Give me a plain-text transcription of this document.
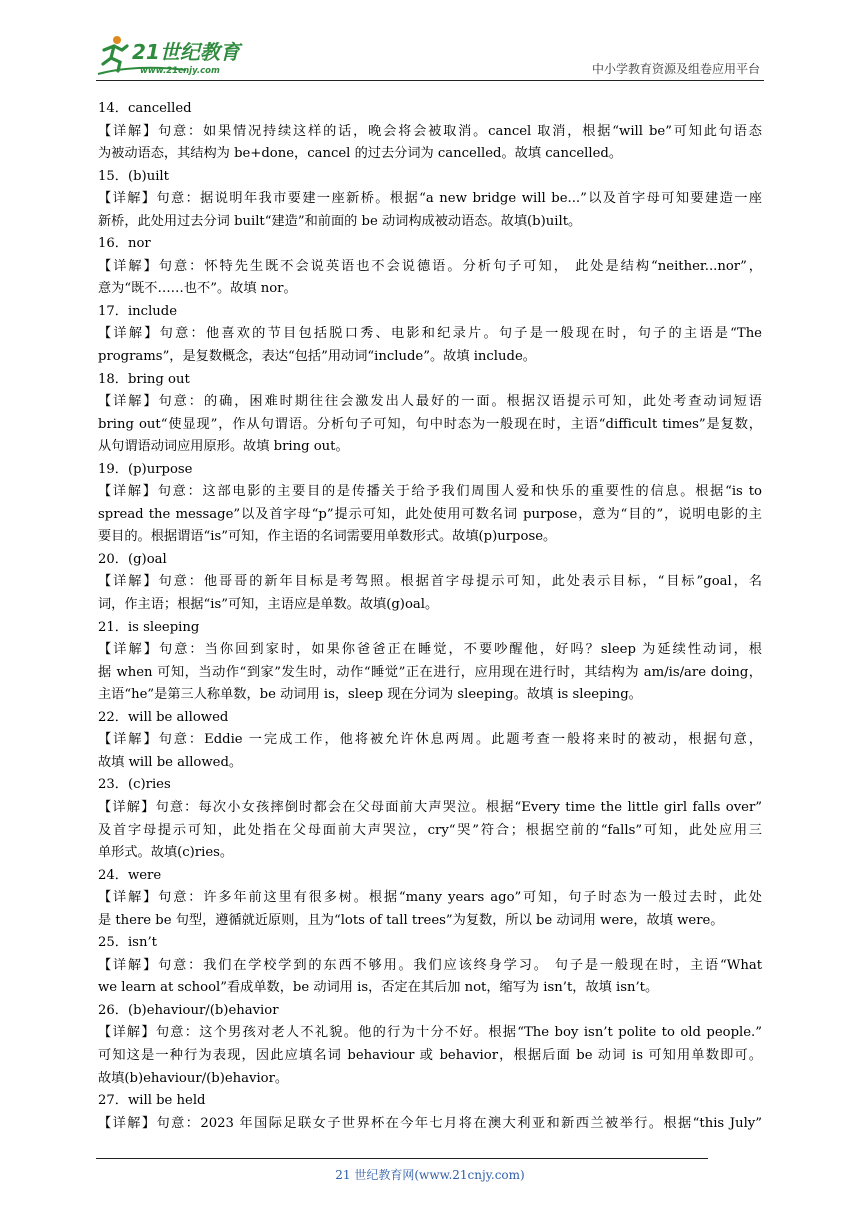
21世纪教育
www.21cnjy.com	中小学教育资源及组卷应用平台
14．cancelled
【详解】句意：如果情况持续这样的话，晚会将会被取消。cancel 取消，根据“will be”可知此句语态
为被动语态，其结构为 be+done，cancel 的过去分词为 cancelled。故填 cancelled。
15．(b)uilt
【详解】句意：据说明年我市要建一座新桥。根据“a new bridge will be...”以及首字母可知要建造一座
新桥，此处用过去分词 built“建造”和前面的 be 动词构成被动语态。故填(b)uilt。
16．nor
【详解】句意：怀特先生既不会说英语也不会说德语。分析句子可知， 此处是结构“neither...nor”，
意为“既不……也不”。故填 nor。
17．include
【详解】句意：他喜欢的节目包括脱口秀、电影和纪录片。句子是一般现在时，句子的主语是“The
programs”，是复数概念，表达“包括”用动词“include”。故填 include。
18．bring out
【详解】句意：的确，困难时期往往会激发出人最好的一面。根据汉语提示可知，此处考查动词短语
bring out“使显现”，作从句谓语。分析句子可知，句中时态为一般现在时，主语“difficult times”是复数，
从句谓语动词应用原形。故填 bring out。
19．(p)urpose
【详解】句意：这部电影的主要目的是传播关于给予我们周围人爱和快乐的重要性的信息。根据“is to
spread the message”以及首字母“p”提示可知，此处使用可数名词 purpose，意为“目的”，说明电影的主
要目的。根据谓语“is”可知，作主语的名词需要用单数形式。故填(p)urpose。
20．(g)oal
【详解】句意：他哥哥的新年目标是考驾照。根据首字母提示可知，此处表示目标，“目标”goal，名
词，作主语；根据“is”可知，主语应是单数。故填(g)oal。
21．is sleeping
【详解】句意：当你回到家时，如果你爸爸正在睡觉，不要吵醒他，好吗？sleep 为延续性动词，根
据 when 可知，当动作“到家”发生时，动作“睡觉”正在进行，应用现在进行时，其结构为 am/is/are doing，
主语“he”是第三人称单数，be 动词用 is，sleep 现在分词为 sleeping。故填 is sleeping。
22．will be allowed
【详解】句意：Eddie 一完成工作，他将被允许休息两周。此题考查一般将来时的被动，根据句意，
故填 will be allowed。
23．(c)ries
【详解】句意：每次小女孩摔倒时都会在父母面前大声哭泣。根据“Every time the little girl falls over”
及首字母提示可知，此处指在父母面前大声哭泣，cry“哭”符合；根据空前的“falls”可知，此处应用三
单形式。故填(c)ries。
24．were
【详解】句意：许多年前这里有很多树。根据“many years ago”可知，句子时态为一般过去时，此处
是 there be 句型，遵循就近原则，且为“lots of tall trees”为复数，所以 be 动词用 were，故填 were。
25．isn’t
【详解】句意：我们在学校学到的东西不够用。我们应该终身学习。 句子是一般现在时，主语“What
we learn at school”看成单数，be 动词用 is，否定在其后加 not，缩写为 isn’t，故填 isn’t。
26．(b)ehaviour/(b)ehavior
【详解】句意：这个男孩对老人不礼貌。他的行为十分不好。根据“The boy isn’t polite to old people.”
可知这是一种行为表现，因此应填名词 behaviour 或 behavior，根据后面 be 动词 is 可知用单数即可。
故填(b)ehaviour/(b)ehavior。
27．will be held
【详解】句意：2023 年国际足联女子世界杯在今年七月将在澳大利亚和新西兰被举行。根据“this July”
21 世纪教育网(www.21cnjy.com)
